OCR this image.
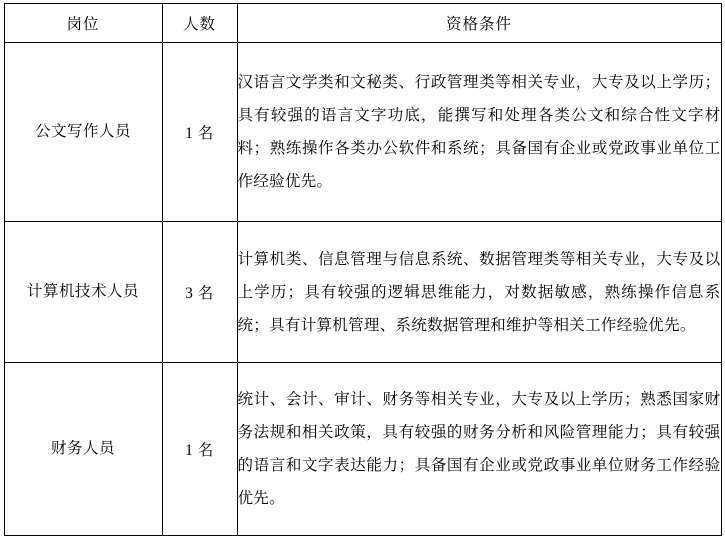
岗位	人数	资格条件
公文写作人员	1 名	汉语言文学类和文秘类、行政管理类等相关专业，大专及以上学历；具有较强的语言文字功底，能撰写和处理各类公文和综合性文字材料；熟练操作各类办公软件和系统；具备国有企业或党政事业单位工作经验优先。
计算机技术人员	3 名	计算机类、信息管理与信息系统、数据管理类等相关专业，大专及以上学历；具有较强的逻辑思维能力，对数据敏感，熟练操作信息系统；具有计算机管理、系统数据管理和维护等相关工作经验优先。
财务人员	1 名	统计、会计、审计、财务等相关专业，大专及以上学历；熟悉国家财务法规和相关政策，具有较强的财务分析和风险管理能力；具有较强的语言和文字表达能力；具备国有企业或党政事业单位财务工作经验优先。
